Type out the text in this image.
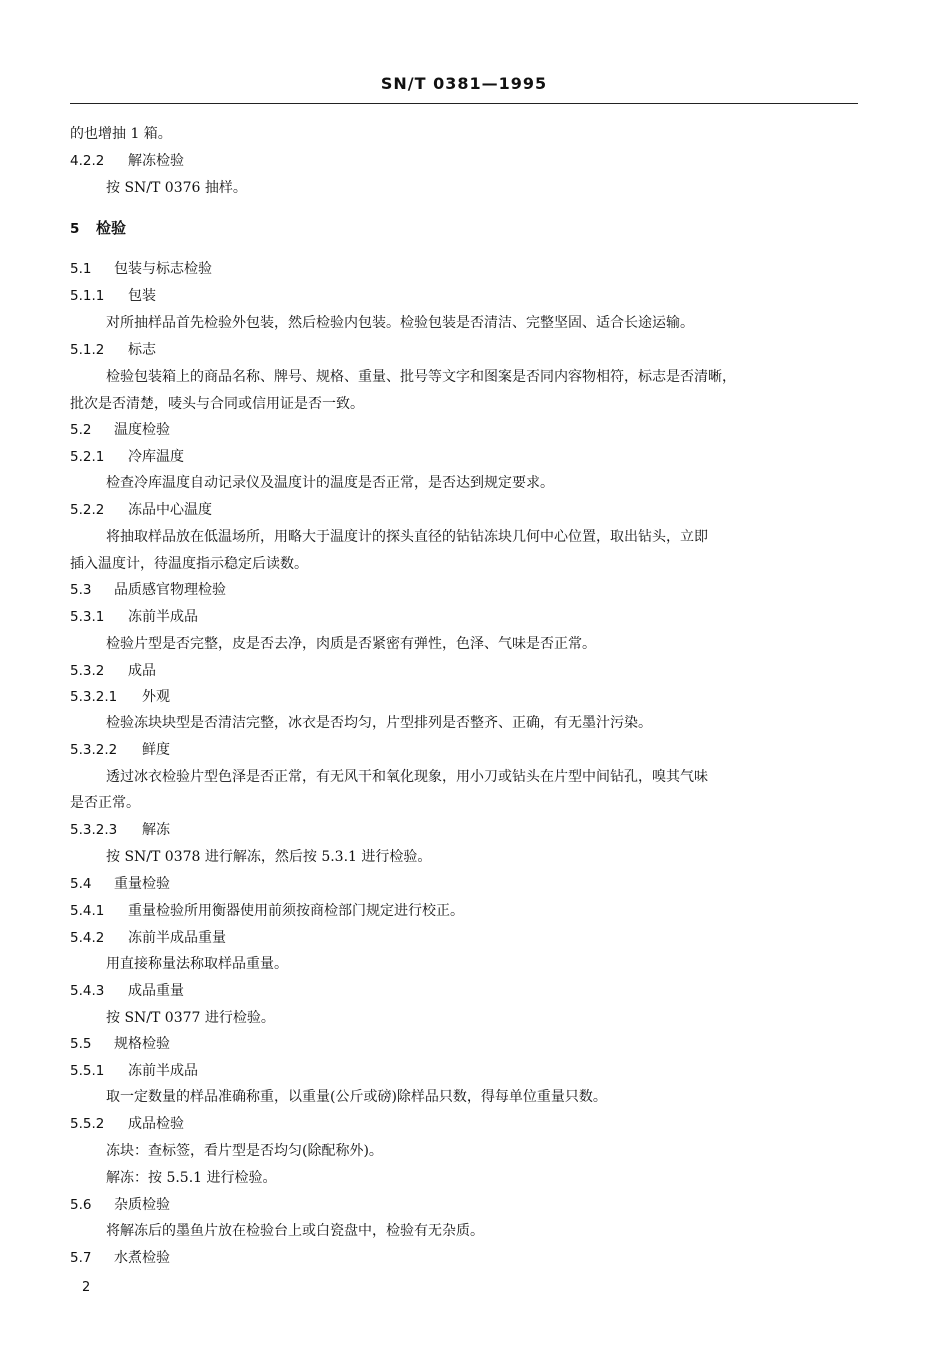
SN/T 0381—1995
的也增抽 1 箱。
4.2.2 解冻检验
按 SN/T 0376 抽样。
5 检验
5.1 包装与标志检验
5.1.1 包装
对所抽样品首先检验外包装，然后检验内包装。检验包装是否清洁、完整坚固、适合长途运输。
5.1.2 标志
检验包装箱上的商品名称、牌号、规格、重量、批号等文字和图案是否同内容物相符，标志是否清晰，
批次是否清楚，唛头与合同或信用证是否一致。
5.2 温度检验
5.2.1 冷库温度
检查冷库温度自动记录仪及温度计的温度是否正常，是否达到规定要求。
5.2.2 冻品中心温度
将抽取样品放在低温场所，用略大于温度计的探头直径的钻钻冻块几何中心位置，取出钻头，立即
插入温度计，待温度指示稳定后读数。
5.3 品质感官物理检验
5.3.1 冻前半成品
检验片型是否完整，皮是否去净，肉质是否紧密有弹性，色泽、气味是否正常。
5.3.2 成品
5.3.2.1 外观
检验冻块块型是否清洁完整，冰衣是否均匀，片型排列是否整齐、正确，有无墨汁污染。
5.3.2.2 鲜度
透过冰衣检验片型色泽是否正常，有无风干和氧化现象，用小刀或钻头在片型中间钻孔，嗅其气味
是否正常。
5.3.2.3 解冻
按 SN/T 0378 进行解冻，然后按 5.3.1 进行检验。
5.4 重量检验
5.4.1 重量检验所用衡器使用前须按商检部门规定进行校正。
5.4.2 冻前半成品重量
用直接称量法称取样品重量。
5.4.3 成品重量
按 SN/T 0377 进行检验。
5.5 规格检验
5.5.1 冻前半成品
取一定数量的样品准确称重，以重量(公斤或磅)除样品只数，得每单位重量只数。
5.5.2 成品检验
冻块：查标签，看片型是否均匀(除配称外)。
解冻：按 5.5.1 进行检验。
5.6 杂质检验
将解冻后的墨鱼片放在检验台上或白瓷盘中，检验有无杂质。
5.7 水煮检验
2
